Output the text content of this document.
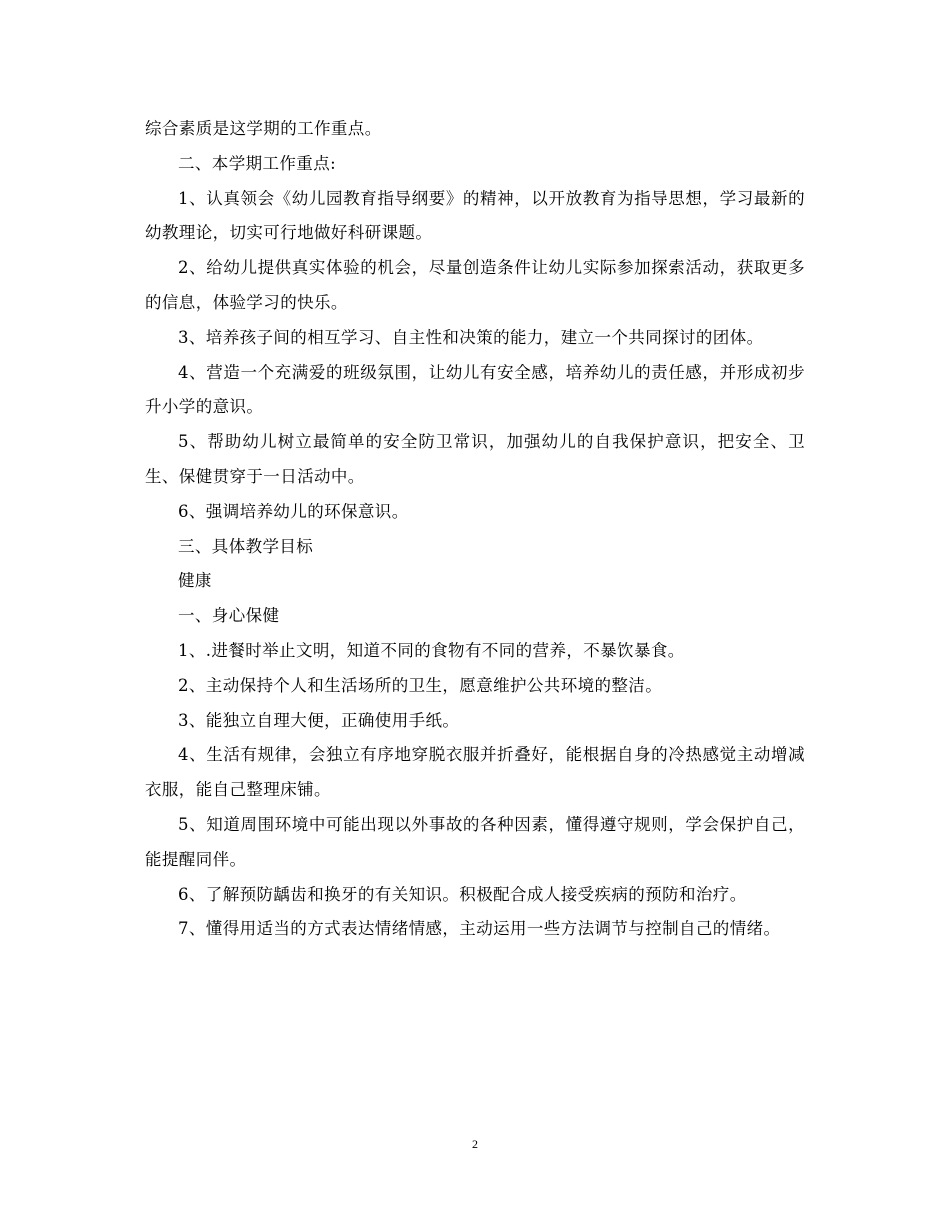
综合素质是这学期的工作重点。

二、本学期工作重点:

1、认真领会《幼儿园教育指导纲要》的精神，以开放教育为指导思想，学习最新的幼教理论，切实可行地做好科研课题。

2、给幼儿提供真实体验的机会，尽量创造条件让幼儿实际参加探索活动，获取更多的信息，体验学习的快乐。

3、培养孩子间的相互学习、自主性和决策的能力，建立一个共同探讨的团体。

4、营造一个充满爱的班级氛围，让幼儿有安全感，培养幼儿的责任感，并形成初步升小学的意识。

5、帮助幼儿树立最简单的安全防卫常识，加强幼儿的自我保护意识，把安全、卫生、保健贯穿于一日活动中。

6、强调培养幼儿的环保意识。

三、具体教学目标

健康

一、身心保健

1、.进餐时举止文明，知道不同的食物有不同的营养，不暴饮暴食。

2、主动保持个人和生活场所的卫生，愿意维护公共环境的整洁。

3、能独立自理大便，正确使用手纸。

4、生活有规律，会独立有序地穿脱衣服并折叠好，能根据自身的冷热感觉主动增减衣服，能自己整理床铺。

5、知道周围环境中可能出现以外事故的各种因素，懂得遵守规则，学会保护自己，能提醒同伴。

6、了解预防龋齿和换牙的有关知识。积极配合成人接受疾病的预防和治疗。

7、懂得用适当的方式表达情绪情感，主动运用一些方法调节与控制自己的情绪。

2
